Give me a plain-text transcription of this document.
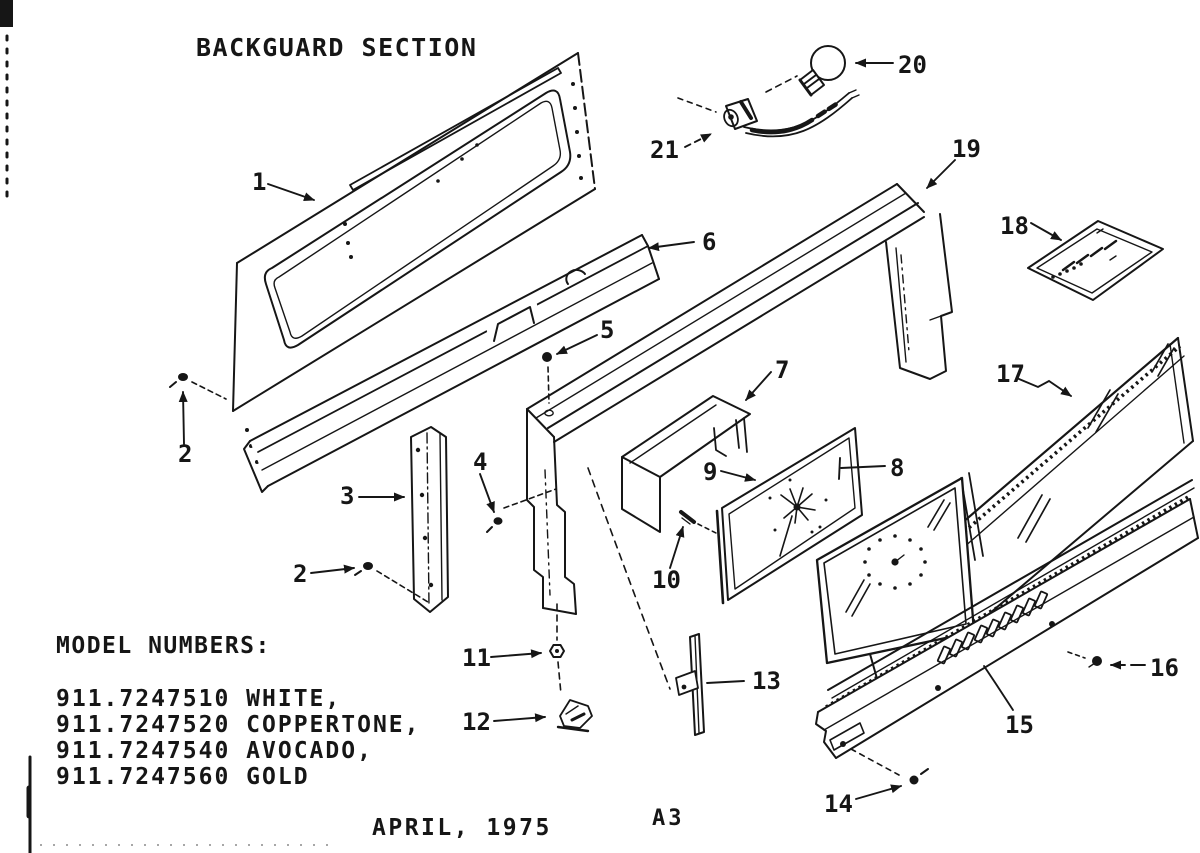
1
2
2
3
4
5
6
7
8
9
10
11
12
13
14
15
16
17
18
19
20
21
BACKGUARD SECTION
MODEL NUMBERS:
911.7247510 WHITE,
911.7247520 COPPERTONE,
911.7247540 AVOCADO,
911.7247560 GOLD
APRIL, 1975	A3
